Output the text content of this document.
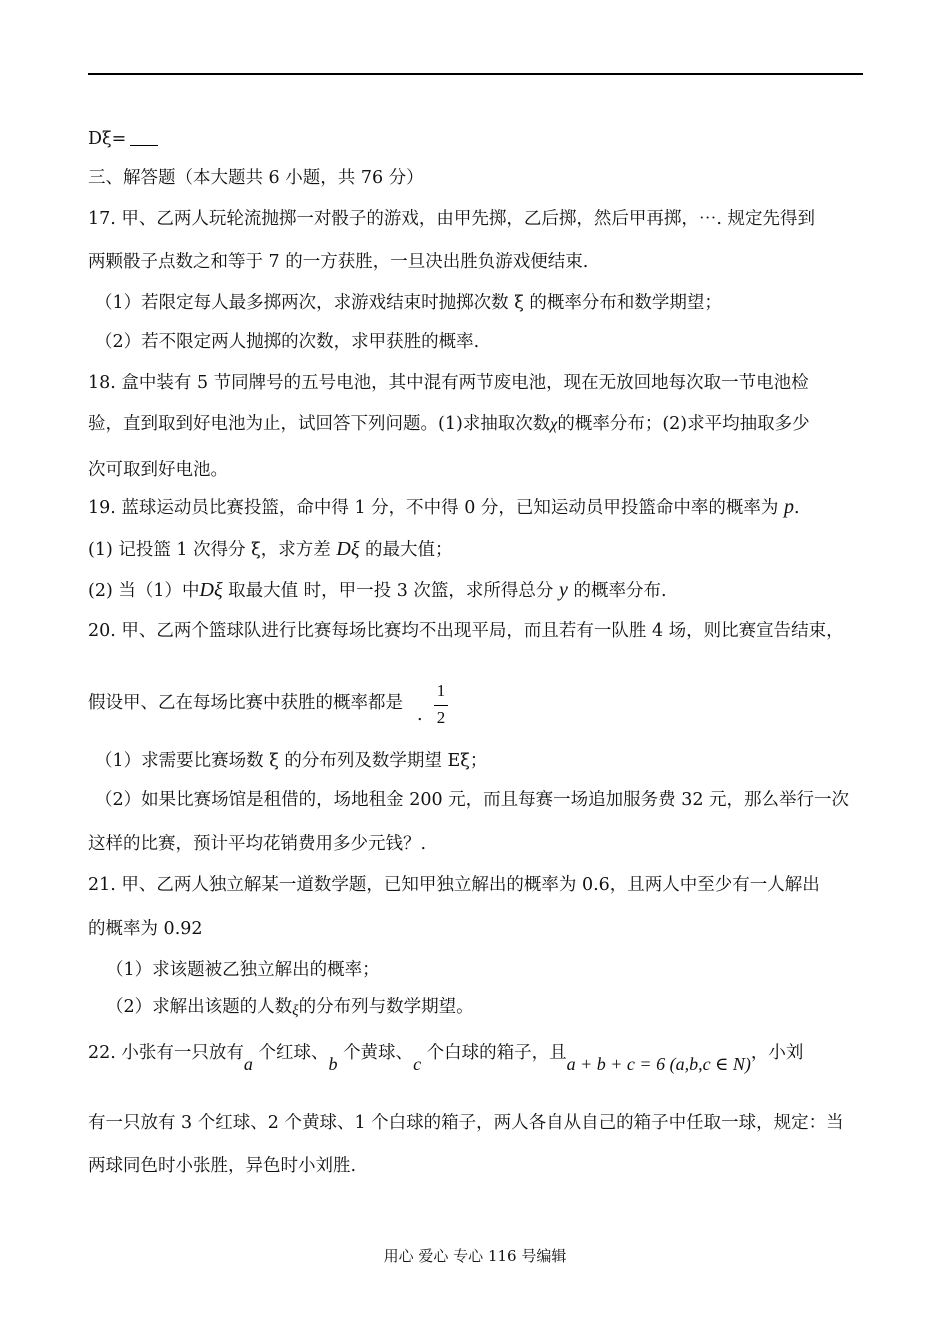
Dξ=
三、解答题（本大题共 6 小题，共 76 分）
17. 甲、乙两人玩轮流抛掷一对骰子的游戏，由甲先掷，乙后掷，然后甲再掷，⋯. 规定先得到
两颗骰子点数之和等于 7 的一方获胜，一旦决出胜负游戏便结束.
（1）若限定每人最多掷两次，求游戏结束时抛掷次数 ξ 的概率分布和数学期望；
（2）若不限定两人抛掷的次数，求甲获胜的概率.
18. 盒中装有 5 节同牌号的五号电池，其中混有两节废电池，现在无放回地每次取一节电池检
验，直到取到好电池为止，试回答下列问题。(1)求抽取次数χ的概率分布；(2)求平均抽取多少
次可取到好电池。
19. 蓝球运动员比赛投篮，命中得 1 分，不中得 0 分，已知运动员甲投篮命中率的概率为 p.
(1) 记投篮 1 次得分 ξ，求方差 Dξ 的最大值；
(2) 当（1）中Dξ 取最大值 时，甲一投 3 次篮，求所得总分 y 的概率分布.
20. 甲、乙两个篮球队进行比赛每场比赛均不出现平局，而且若有一队胜 4 场，则比赛宣告结束，
假设甲、乙在每场比赛中获胜的概率都是.
1
2
（1）求需要比赛场数 ξ 的分布列及数学期望 Eξ；
（2）如果比赛场馆是租借的，场地租金 200 元，而且每赛一场追加服务费 32 元，那么举行一次
这样的比赛，预计平均花销费用多少元钱？.
21. 甲、乙两人独立解某一道数学题，已知甲独立解出的概率为 0.6，且两人中至少有一人解出
的概率为 0.92
（1）求该题被乙独立解出的概率；
（2）求解出该题的人数ξ的分布列与数学期望。
22. 小张有一只放有a 个红球、b 个黄球、c 个白球的箱子，且a + b + c = 6 (a,b,c ∈ N)，小刘
有一只放有 3 个红球、2 个黄球、1 个白球的箱子，两人各自从自己的箱子中任取一球，规定：当
两球同色时小张胜，异色时小刘胜.
用心 爱心 专心 116 号编辑
